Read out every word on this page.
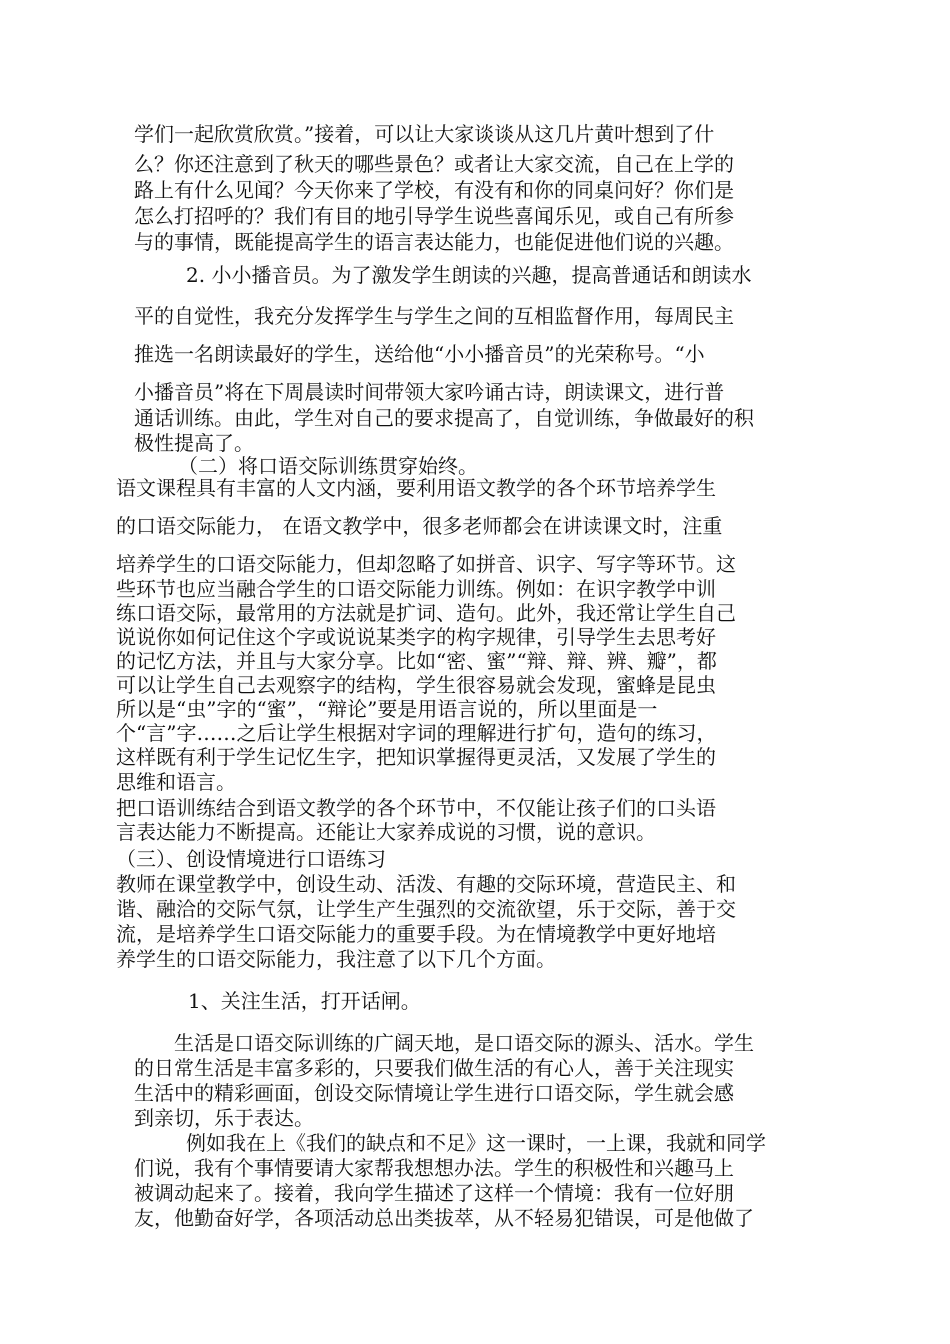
学们一起欣赏欣赏。”接着，可以让大家谈谈从这几片黄叶想到了什
么？你还注意到了秋天的哪些景色？或者让大家交流，自己在上学的
路上有什么见闻？今天你来了学校，有没有和你的同桌问好？你们是
怎么打招呼的？我们有目的地引导学生说些喜闻乐见，或自己有所参
与的事情，既能提高学生的语言表达能力，也能促进他们说的兴趣。
2. 小小播音员。为了激发学生朗读的兴趣，提高普通话和朗读水
平的自觉性，我充分发挥学生与学生之间的互相监督作用，每周民主
推选一名朗读最好的学生，送给他“小小播音员”的光荣称号。“小
小播音员”将在下周晨读时间带领大家吟诵古诗，朗读课文，进行普
通话训练。由此，学生对自己的要求提高了，自觉训练，争做最好的积
极性提高了。
（二）将口语交际训练贯穿始终。
语文课程具有丰富的人文内涵，要利用语文教学的各个环节培养学生
的口语交际能力， 在语文教学中，很多老师都会在讲读课文时，注重
培养学生的口语交际能力，但却忽略了如拼音、识字、写字等环节。这
些环节也应当融合学生的口语交际能力训练。例如：在识字教学中训
练口语交际，最常用的方法就是扩词、造句。此外，我还常让学生自己
说说你如何记住这个字或说说某类字的构字规律，引导学生去思考好
的记忆方法，并且与大家分享。比如“密、蜜”“辩、辩、辨、瓣”，都
可以让学生自己去观察字的结构，学生很容易就会发现，蜜蜂是昆虫
所以是“虫”字的“蜜”，“辩论”要是用语言说的，所以里面是一
个“言”字……之后让学生根据对字词的理解进行扩句，造句的练习，
这样既有利于学生记忆生字，把知识掌握得更灵活，又发展了学生的
思维和语言。
把口语训练结合到语文教学的各个环节中，不仅能让孩子们的口头语
言表达能力不断提高。还能让大家养成说的习惯，说的意识。
（三）、创设情境进行口语练习
教师在课堂教学中，创设生动、活泼、有趣的交际环境，营造民主、和
谐、融洽的交际气氛，让学生产生强烈的交流欲望，乐于交际，善于交
流，是培养学生口语交际能力的重要手段。为在情境教学中更好地培
养学生的口语交际能力，我注意了以下几个方面。
1、关注生活，打开话闸。
生活是口语交际训练的广阔天地，是口语交际的源头、活水。学生
的日常生活是丰富多彩的，只要我们做生活的有心人，善于关注现实
生活中的精彩画面，创设交际情境让学生进行口语交际，学生就会感
到亲切，乐于表达。
例如我在上《我们的缺点和不足》这一课时，一上课，我就和同学
们说，我有个事情要请大家帮我想想办法。学生的积极性和兴趣马上
被调动起来了。接着，我向学生描述了这样一个情境：我有一位好朋
友，他勤奋好学，各项活动总出类拔萃，从不轻易犯错误，可是他做了
